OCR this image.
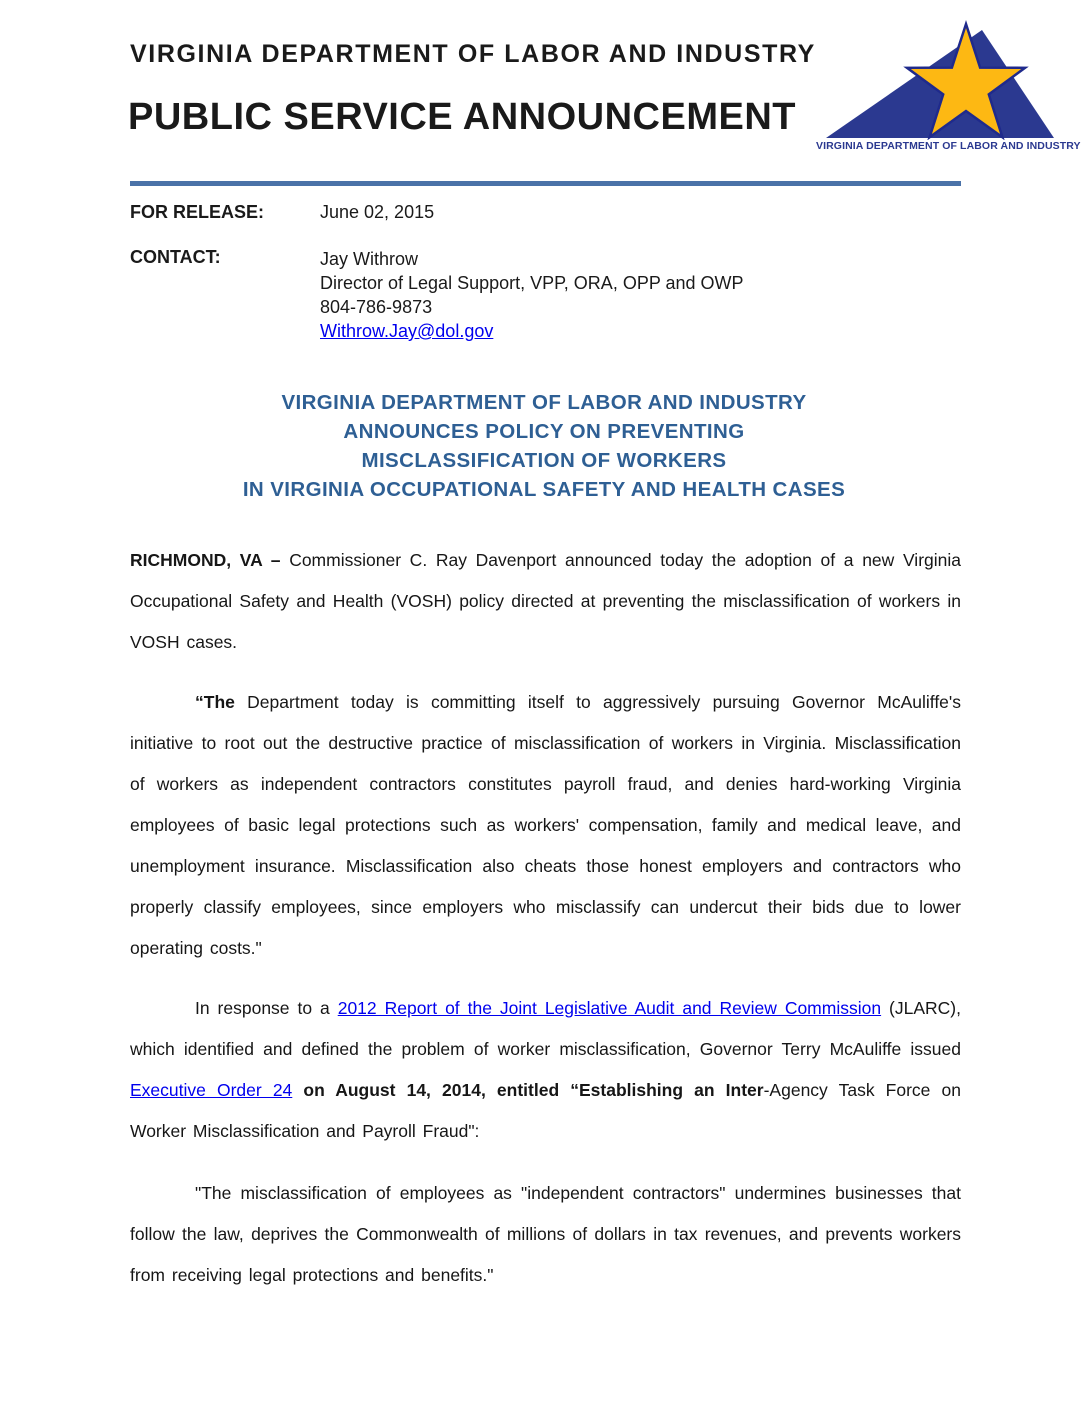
VIRGINIA DEPARTMENT OF LABOR AND INDUSTRY
PUBLIC SERVICE ANNOUNCEMENT
VIRGINIA DEPARTMENT OF LABOR AND INDUSTRY
FOR RELEASE:	June 02, 2015
CONTACT:	Jay Withrow
Director of Legal Support, VPP, ORA, OPP and OWP
804-786-9873
Withrow.Jay@dol.gov
VIRGINIA DEPARTMENT OF LABOR AND INDUSTRY
ANNOUNCES POLICY ON PREVENTING
MISCLASSIFICATION OF WORKERS
IN VIRGINIA OCCUPATIONAL SAFETY AND HEALTH CASES

RICHMOND, VA – Commissioner C. Ray Davenport announced today the adoption of a new Virginia Occupational Safety and Health (VOSH) policy directed at preventing the misclassification of workers in VOSH cases.

“The Department today is committing itself to aggressively pursuing Governor McAuliffe's initiative to root out the destructive practice of misclassification of workers in Virginia. Misclassification of workers as independent contractors constitutes payroll fraud, and denies hard-working Virginia employees of basic legal protections such as workers' compensation, family and medical leave, and unemployment insurance. Misclassification also cheats those honest employers and contractors who properly classify employees, since employers who misclassify can undercut their bids due to lower operating costs."

In response to a 2012 Report of the Joint Legislative Audit and Review Commission (JLARC), which identified and defined the problem of worker misclassification, Governor Terry McAuliffe issued Executive Order 24 on August 14, 2014, entitled “Establishing an Inter-Agency Task Force on Worker Misclassification and Payroll Fraud":

"The misclassification of employees as "independent contractors" undermines businesses that follow the law, deprives the Commonwealth of millions of dollars in tax revenues, and prevents workers from receiving legal protections and benefits."
